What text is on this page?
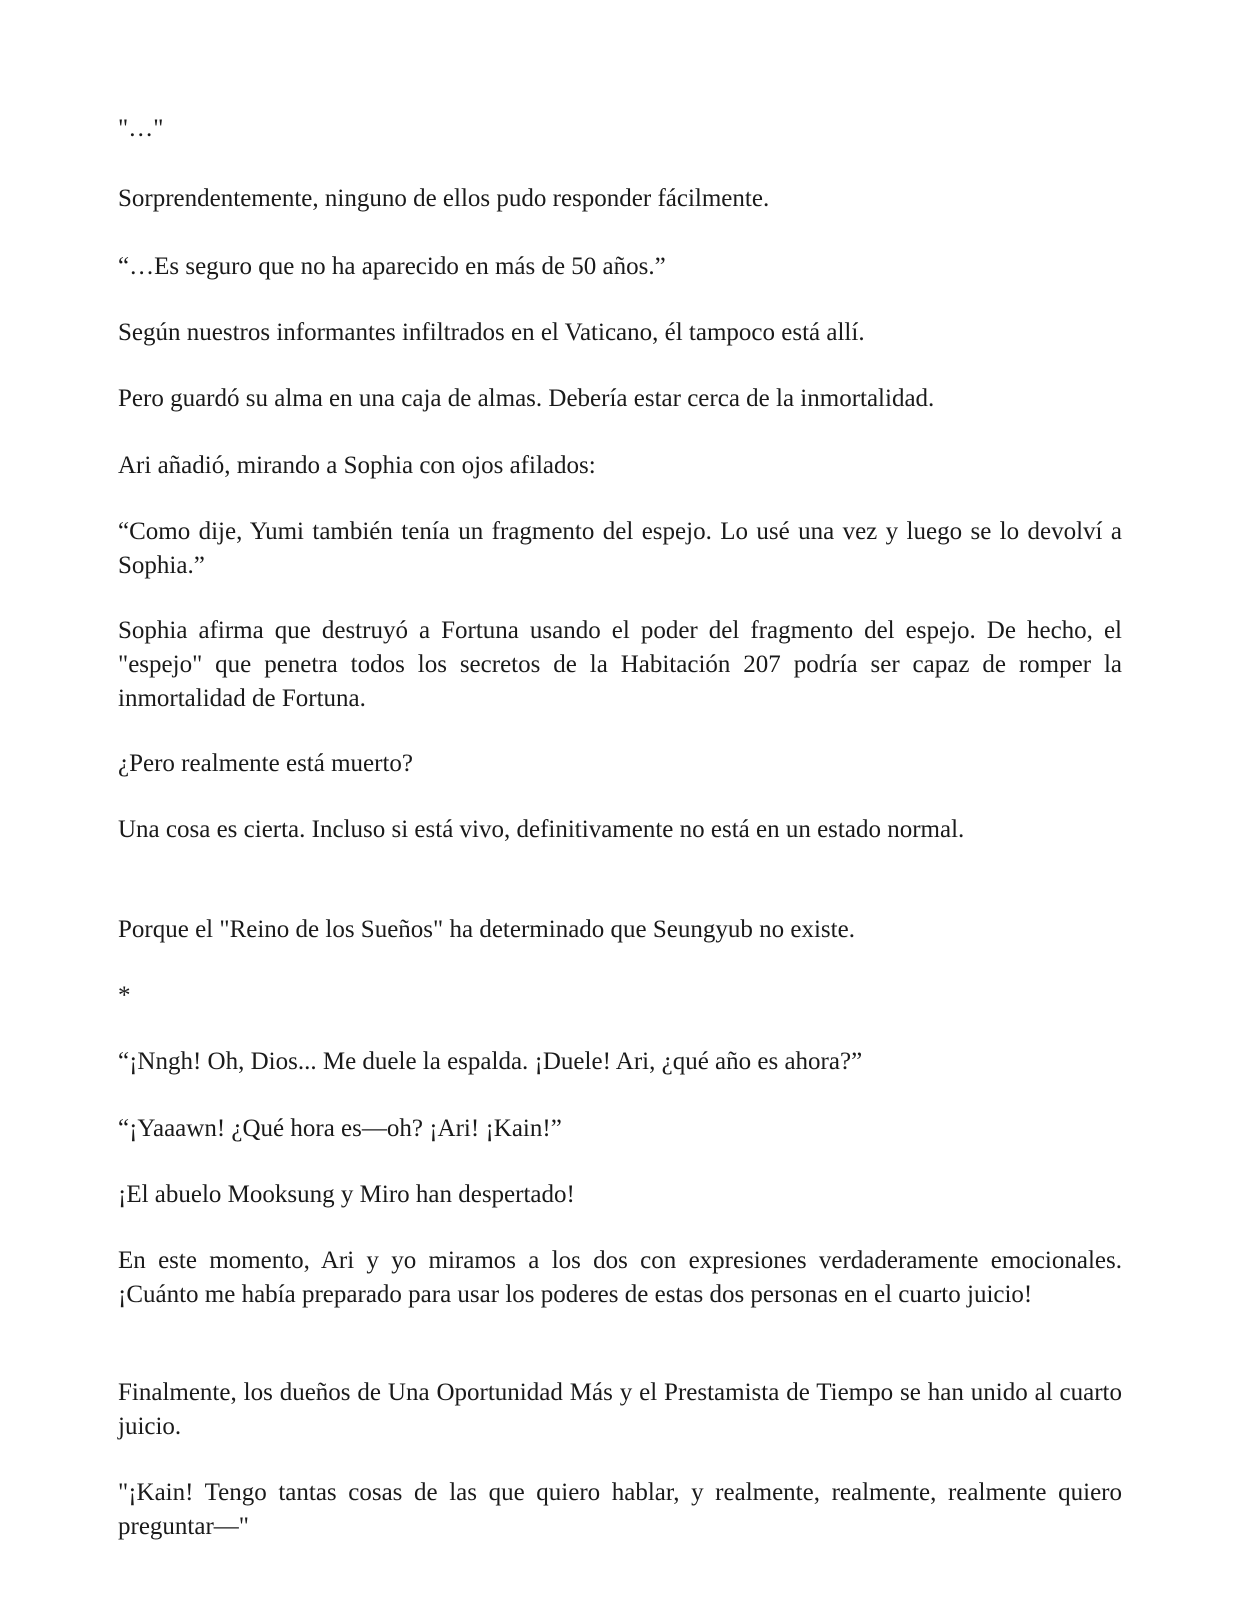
"…"

Sorprendentemente, ninguno de ellos pudo responder fácilmente.

“…Es seguro que no ha aparecido en más de 50 años.”

Según nuestros informantes infiltrados en el Vaticano, él tampoco está allí.

Pero guardó su alma en una caja de almas. Debería estar cerca de la inmortalidad.

Ari añadió, mirando a Sophia con ojos afilados:

“Como dije, Yumi también tenía un fragmento del espejo. Lo usé una vez y luego se lo devolví a Sophia.”

Sophia afirma que destruyó a Fortuna usando el poder del fragmento del espejo. De hecho, el "espejo" que penetra todos los secretos de la Habitación 207 podría ser capaz de romper la inmortalidad de Fortuna.

¿Pero realmente está muerto?

Una cosa es cierta. Incluso si está vivo, definitivamente no está en un estado normal.

Porque el "Reino de los Sueños" ha determinado que Seungyub no existe.

*

“¡Nngh! Oh, Dios... Me duele la espalda. ¡Duele! Ari, ¿qué año es ahora?”

“¡Yaaawn! ¿Qué hora es—oh? ¡Ari! ¡Kain!”

¡El abuelo Mooksung y Miro han despertado!

En este momento, Ari y yo miramos a los dos con expresiones verdaderamente emocionales. ¡Cuánto me había preparado para usar los poderes de estas dos personas en el cuarto juicio!

Finalmente, los dueños de Una Oportunidad Más y el Prestamista de Tiempo se han unido al cuarto juicio.

"¡Kain! Tengo tantas cosas de las que quiero hablar, y realmente, realmente, realmente quiero preguntar—"
